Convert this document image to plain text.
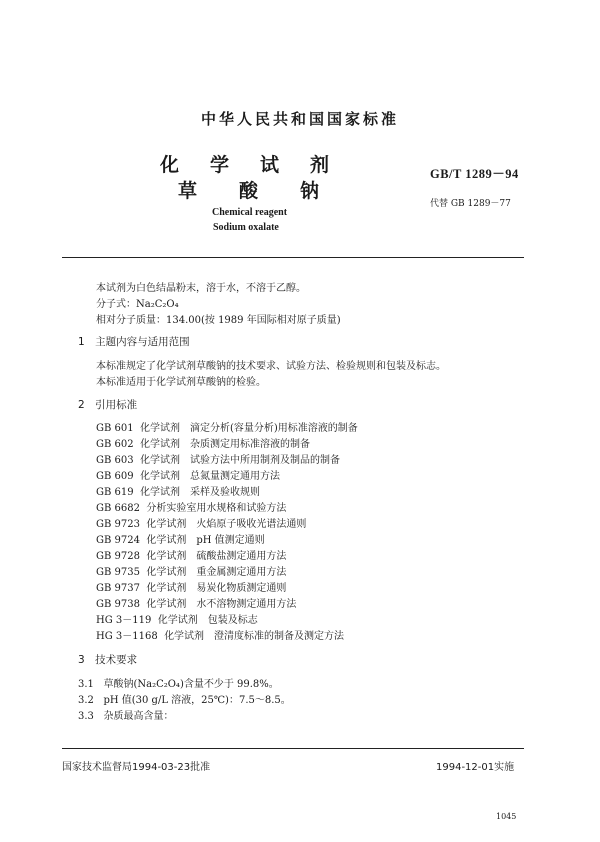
中华人民共和国国家标准
化学试剂
草酸钠
GB/T 1289－94
代替 GB 1289－77
Chemical reagent
Sodium oxalate
本试剂为白色结晶粉末，溶于水，不溶于乙醇。
分子式：Na₂C₂O₄
相对分子质量：134.00(按 1989 年国际相对原子质量)
1　主题内容与适用范围
本标准规定了化学试剂草酸钠的技术要求、试验方法、检验规则和包装及标志。
本标准适用于化学试剂草酸钠的检验。
2　引用标准
GB 601 化学试剂　滴定分析(容量分析)用标准溶液的制备
GB 602 化学试剂　杂质测定用标准溶液的制备
GB 603 化学试剂　试验方法中所用制剂及制品的制备
GB 609 化学试剂　总氮量测定通用方法
GB 619 化学试剂　采样及验收规则
GB 6682 分析实验室用水规格和试验方法
GB 9723 化学试剂　火焰原子吸收光谱法通则
GB 9724 化学试剂　pH 值测定通则
GB 9728 化学试剂　硫酸盐测定通用方法
GB 9735 化学试剂　重金属测定通用方法
GB 9737 化学试剂　易炭化物质测定通则
GB 9738 化学试剂　水不溶物测定通用方法
HG 3－119 化学试剂　包装及标志
HG 3－1168 化学试剂　澄清度标准的制备及测定方法
3　技术要求
3.1 草酸钠(Na₂C₂O₄)含量不少于 99.8%。
3.2 pH 值(30 g/L 溶液，25℃)：7.5～8.5。
3.3 杂质最高含量：
国家技术监督局1994-03-23批准	1994-12-01实施
1045
